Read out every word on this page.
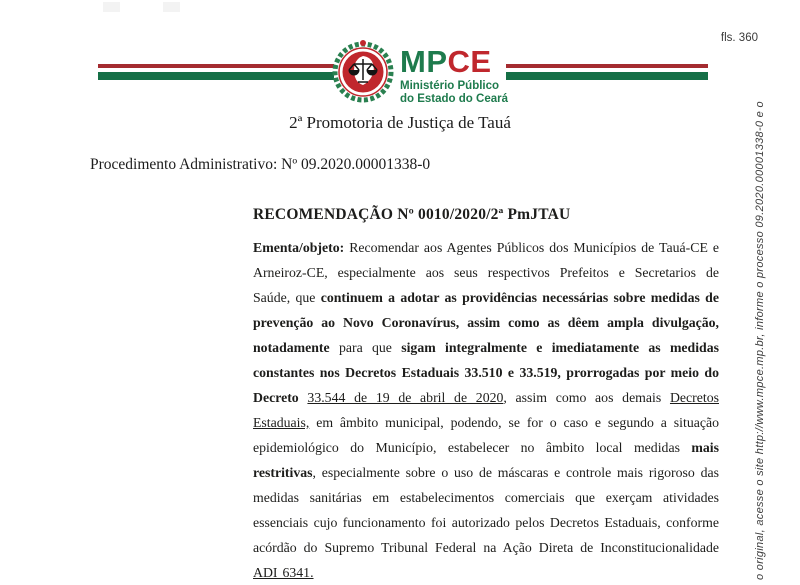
fls. 360
MPCE
Ministério Público
do Estado do Ceará
2ª Promotoria de Justiça de Tauá
Procedimento Administrativo: Nº 09.2020.00001338-0

RECOMENDAÇÃO Nº 0010/2020/2ª PmJTAU

Ementa/objeto: Recomendar aos Agentes Públicos dos Municípios de Tauá-CE e Arneiroz-CE, especialmente aos seus respectivos Prefeitos e Secretarios de Saúde, que continuem a adotar as providências necessárias sobre medidas de prevenção ao Novo Coronavírus, assim como as dêem ampla divulgação, notadamente para que sigam integralmente e imediatamente as medidas constantes nos Decretos Estaduais 33.510 e 33.519, prorrogadas por meio do Decreto 33.544 de 19 de abril de 2020, assim como aos demais Decretos Estaduais, em âmbito municipal, podendo, se for o caso e segundo a situação epidemiológico do Município, estabelecer no âmbito local medidas mais restritivas, especialmente sobre o uso de máscaras e controle mais rigoroso das medidas sanitárias em estabelecimentos comerciais que exerçam atividades essenciais cujo funcionamento foi autorizado pelos Decretos Estaduais, conforme acórdão do Supremo Tribunal Federal na Ação Direta de Inconstitucionalidade ADI 6341.	o original, acesse o site http://www.mpce.mp.br, informe o processo 09.2020.00001338-0 e o
